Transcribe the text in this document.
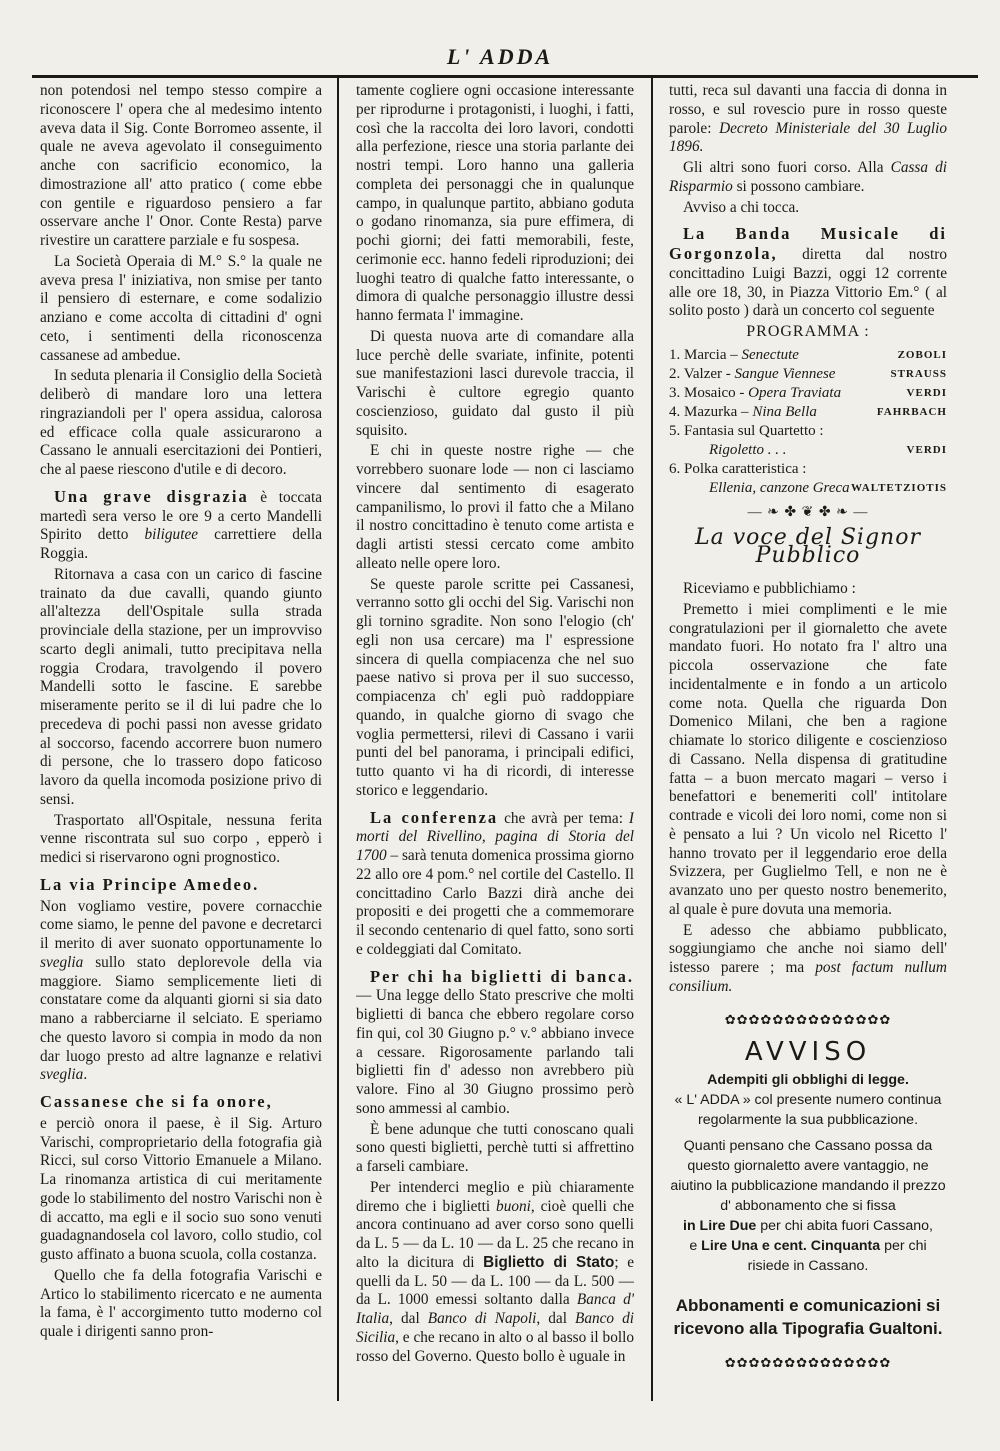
L' ADDA

non potendosi nel tempo stesso compire a riconoscere l' opera che al medesimo intento aveva data il Sig. Conte Borromeo assente, il quale ne aveva agevolato il conseguimento anche con sacrificio economico, la dimostrazione all' atto pratico ( come ebbe con gentile e riguardoso pensiero a far osservare anche l' Onor. Conte Resta) parve rivestire un carattere parziale e fu sospesa.

La Società Operaia di M.° S.° la quale ne aveva presa l' iniziativa, non smise per tanto il pensiero di esternare, e come sodalizio anziano e come accolta di cittadini d' ogni ceto, i sentimenti della riconoscenza cassanese ad ambedue.

In seduta plenaria il Consiglio della Società deliberò di mandare loro una lettera ringraziandoli per l' opera assidua, calorosa ed efficace colla quale assicurarono a Cassano le annuali esercitazioni dei Pontieri, che al paese riescono d'utile e di decoro.

Una grave disgrazia è toccata martedì sera verso le ore 9 a certo Mandelli Spirito detto biligutee carrettiere della Roggia.

Ritornava a casa con un carico di fascine trainato da due cavalli, quando giunto all'altezza dell'Ospitale sulla strada provinciale della stazione, per un improvviso scarto degli animali, tutto precipitava nella roggia Crodara, travolgendo il povero Mandelli sotto le fascine. E sarebbe miseramente perito se il di lui padre che lo precedeva di pochi passi non avesse gridato al soccorso, facendo accorrere buon numero di persone, che lo trassero dopo faticoso lavoro da quella incomoda posizione privo di sensi.

Trasportato all'Ospitale, nessuna ferita venne riscontrata sul suo corpo , epperò i medici si riservarono ogni prognostico.

La via Principe Amedeo.

Non vogliamo vestire, povere cornacchie come siamo, le penne del pavone e decretarci il merito di aver suonato opportunamente lo sveglia sullo stato deplorevole della via maggiore. Siamo semplicemente lieti di constatare come da alquanti giorni si sia dato mano a rabberciarne il selciato. E speriamo che questo lavoro si compia in modo da non dar luogo presto ad altre lagnanze e relativi sveglia.

Cassanese che si fa onore,

e perciò onora il paese, è il Sig. Arturo Varischi, comproprietario della fotografia già Ricci, sul corso Vittorio Emanuele a Milano. La rinomanza artistica di cui meritamente gode lo stabilimento del nostro Varischi non è di accatto, ma egli e il socio suo sono venuti guadagnandosela col lavoro, collo studio, col gusto affinato a buona scuola, colla costanza.

Quello che fa della fotografia Varischi e Artico lo stabilimento ricercato e ne aumenta la fama, è l' accorgimento tutto moderno col quale i dirigenti sanno pron-

tamente cogliere ogni occasione interessante per riprodurne i protagonisti, i luoghi, i fatti, così che la raccolta dei loro lavori, condotti alla perfezione, riesce una storia parlante dei nostri tempi. Loro hanno una galleria completa dei personaggi che in qualunque campo, in qualunque partito, abbiano goduta o godano rinomanza, sia pure effimera, di pochi giorni; dei fatti memorabili, feste, cerimonie ecc. hanno fedeli riproduzioni; dei luoghi teatro di qualche fatto interessante, o dimora di qualche personaggio illustre dessi hanno fermata l' immagine.

Di questa nuova arte di comandare alla luce perchè delle svariate, infinite, potenti sue manifestazioni lasci durevole traccia, il Varischi è cultore egregio quanto coscienzioso, guidato dal gusto il più squisito.

E chi in queste nostre righe — che vorrebbero suonare lode — non ci lasciamo vincere dal sentimento di esagerato campanilismo, lo provi il fatto che a Milano il nostro concittadino è tenuto come artista e dagli artisti stessi cercato come ambito alleato nelle opere loro.

Se queste parole scritte pei Cassanesi, verranno sotto gli occhi del Sig. Varischi non gli tornino sgradite. Non sono l'elogio (ch' egli non usa cercare) ma l' espressione sincera di quella compiacenza che nel suo paese nativo si prova per il suo successo, compiacenza ch' egli può raddoppiare quando, in qualche giorno di svago che voglia permettersi, rilevi di Cassano i varii punti del bel panorama, i principali edifici, tutto quanto vi ha di ricordi, di interesse storico e leggendario.

La conferenza che avrà per tema: I morti del Rivellino, pagina di Storia del 1700 – sarà tenuta domenica prossima giorno 22 allo ore 4 pom.° nel cortile del Castello. Il concittadino Carlo Bazzi dirà anche dei propositi e dei progetti che a commemorare il secondo centenario di quel fatto, sono sorti e coldeggiati dal Comitato.

Per chi ha biglietti di banca. — Una legge dello Stato prescrive che molti biglietti di banca che ebbero regolare corso fin qui, col 30 Giugno p.° v.° abbiano invece a cessare. Rigorosamente parlando tali biglietti fin d' adesso non avrebbero più valore. Fino al 30 Giugno prossimo però sono ammessi al cambio.

È bene adunque che tutti conoscano quali sono questi biglietti, perchè tutti si affrettino a farseli cambiare.

Per intenderci meglio e più chiaramente diremo che i biglietti buoni, cioè quelli che ancora continuano ad aver corso sono quelli da L. 5 — da L. 10 — da L. 25 che recano in alto la dicitura di Biglietto di Stato; e quelli da L. 50 — da L. 100 — da L. 500 — da L. 1000 emessi soltanto dalla Banca d' Italia, dal Banco di Napoli, dal Banco di Sicilia, e che recano in alto o al basso il bollo rosso del Governo. Questo bollo è uguale in

tutti, reca sul davanti una faccia di donna in rosso, e sul rovescio pure in rosso queste parole: Decreto Ministeriale del 30 Luglio 1896.

Gli altri sono fuori corso. Alla Cassa di Risparmio si possono cambiare.

Avviso a chi tocca.

La Banda Musicale di Gorgonzola, diretta dal nostro concittadino Luigi Bazzi, oggi 12 corrente alle ore 18, 30, in Piazza Vittorio Em.° ( al solito posto ) darà un concerto col seguente

PROGRAMMA :
1. Marcia – Senectute	ZOBOLI
2. Valzer - Sangue Viennese	STRAUSS
3. Mosaico - Opera Traviata	VERDI
4. Mazurka – Nina Bella	FAHRBACH
5. Fantasia sul Quartetto :
Rigoletto . . .	VERDI
6. Polka caratteristica :
Ellenia, canzone Greca WALTETZIOTIS
— ❧ ✤ ❦ ✤ ❧ —
La voce del Signor Pubblico

Riceviamo e pubblichiamo :

Premetto i miei complimenti e le mie congratulazioni per il giornaletto che avete mandato fuori. Ho notato fra l' altro una piccola osservazione che fate incidentalmente e in fondo a un articolo come nota. Quella che riguarda Don Domenico Milani, che ben a ragione chiamate lo storico diligente e coscienzioso di Cassano. Nella dispensa di gratitudine fatta – a buon mercato magari – verso i benefattori e benemeriti coll' intitolare contrade e vicoli dei loro nomi, come non si è pensato a lui ? Un vicolo nel Ricetto l' hanno trovato per il leggendario eroe della Svizzera, per Guglielmo Tell, e non ne è avanzato uno per questo nostro benemerito, al quale è pure dovuta una memoria.

E adesso che abbiamo pubblicato, soggiungiamo che anche noi siamo dell' istesso parere ; ma post factum nullum consilium.

✿✿✿✿✿✿✿✿✿✿✿✿✿✿
AVVISO

Adempiti gli obblighi di legge.

« L' ADDA » col presente numero continua regolarmente la sua pubblicazione.

Quanti pensano che Cassano possa da questo giornaletto avere vantaggio, ne aiutino la pubblicazione mandando il prezzo d' abbonamento che si fissa

in Lire Due per chi abita fuori Cassano,

e Lire Una e cent. Cinquanta per chi risiede in Cassano.

Abbonamenti e comunicazioni si ricevono alla Tipografia Gualtoni.
✿✿✿✿✿✿✿✿✿✿✿✿✿✿
